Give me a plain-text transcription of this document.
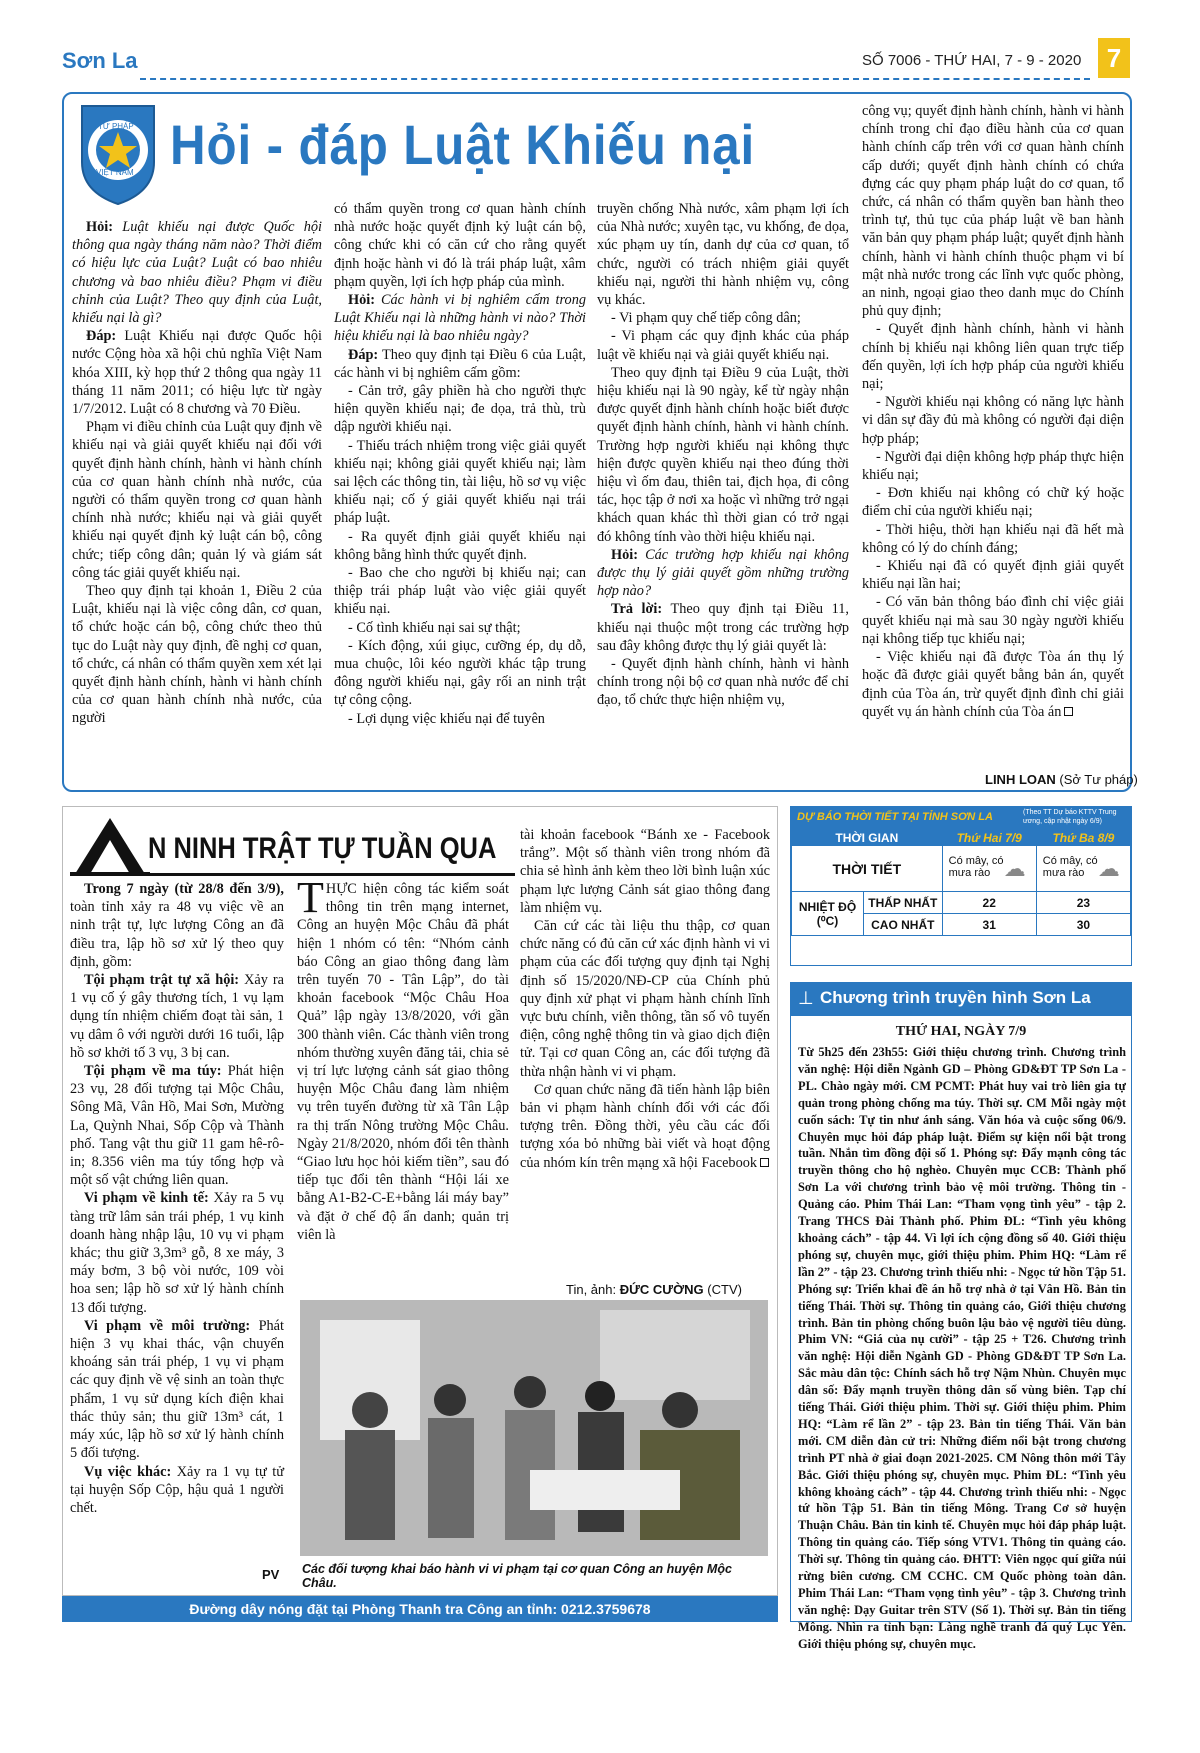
Sơn La	SỐ 7006 - THỨ HAI, 7 - 9 - 2020 7
TƯ PHÁP
VIỆT NAM Hỏi - đáp Luật Khiếu nại

Hỏi: Luật khiếu nại được Quốc hội thông qua ngày tháng năm nào? Thời điểm có hiệu lực của Luật? Luật có bao nhiêu chương và bao nhiêu điều? Phạm vi điều chỉnh của Luật? Theo quy định của Luật, khiếu nại là gì?

Đáp: Luật Khiếu nại được Quốc hội nước Cộng hòa xã hội chủ nghĩa Việt Nam khóa XIII, kỳ họp thứ 2 thông qua ngày 11 tháng 11 năm 2011; có hiệu lực từ ngày 1/7/2012. Luật có 8 chương và 70 Điều.

Phạm vi điều chỉnh của Luật quy định về khiếu nại và giải quyết khiếu nại đối với quyết định hành chính, hành vi hành chính của cơ quan hành chính nhà nước, của người có thẩm quyền trong cơ quan hành chính nhà nước; khiếu nại và giải quyết khiếu nại quyết định kỷ luật cán bộ, công chức; tiếp công dân; quản lý và giám sát công tác giải quyết khiếu nại.

Theo quy định tại khoản 1, Điều 2 của Luật, khiếu nại là việc công dân, cơ quan, tổ chức hoặc cán bộ, công chức theo thủ tục do Luật này quy định, đề nghị cơ quan, tổ chức, cá nhân có thẩm quyền xem xét lại quyết định hành chính, hành vi hành chính của cơ quan hành chính nhà nước, của người

có thẩm quyền trong cơ quan hành chính nhà nước hoặc quyết định kỷ luật cán bộ, công chức khi có căn cứ cho rằng quyết định hoặc hành vi đó là trái pháp luật, xâm phạm quyền, lợi ích hợp pháp của mình.

Hỏi: Các hành vi bị nghiêm cấm trong Luật Khiếu nại là những hành vi nào? Thời hiệu khiếu nại là bao nhiêu ngày?

Đáp: Theo quy định tại Điều 6 của Luật, các hành vi bị nghiêm cấm gồm:

- Cản trở, gây phiền hà cho người thực hiện quyền khiếu nại; đe dọa, trả thù, trù dập người khiếu nại.

- Thiếu trách nhiệm trong việc giải quyết khiếu nại; không giải quyết khiếu nại; làm sai lệch các thông tin, tài liệu, hồ sơ vụ việc khiếu nại; cố ý giải quyết khiếu nại trái pháp luật.

- Ra quyết định giải quyết khiếu nại không bằng hình thức quyết định.

- Bao che cho người bị khiếu nại; can thiệp trái pháp luật vào việc giải quyết khiếu nại.

- Cố tình khiếu nại sai sự thật;

- Kích động, xúi giục, cưỡng ép, dụ dỗ, mua chuộc, lôi kéo người khác tập trung đông người khiếu nại, gây rối an ninh trật tự công cộng.

- Lợi dụng việc khiếu nại để tuyên

truyền chống Nhà nước, xâm phạm lợi ích của Nhà nước; xuyên tạc, vu khống, đe dọa, xúc phạm uy tín, danh dự của cơ quan, tổ chức, người có trách nhiệm giải quyết khiếu nại, người thi hành nhiệm vụ, công vụ khác.

- Vi phạm quy chế tiếp công dân;

- Vi phạm các quy định khác của pháp luật về khiếu nại và giải quyết khiếu nại.

Theo quy định tại Điều 9 của Luật, thời hiệu khiếu nại là 90 ngày, kể từ ngày nhận được quyết định hành chính hoặc biết được quyết định hành chính, hành vi hành chính. Trường hợp người khiếu nại không thực hiện được quyền khiếu nại theo đúng thời hiệu vì ốm đau, thiên tai, địch họa, đi công tác, học tập ở nơi xa hoặc vì những trở ngại khách quan khác thì thời gian có trở ngại đó không tính vào thời hiệu khiếu nại.

Hỏi: Các trường hợp khiếu nại không được thụ lý giải quyết gồm những trường hợp nào?

Trả lời: Theo quy định tại Điều 11, khiếu nại thuộc một trong các trường hợp sau đây không được thụ lý giải quyết là:

- Quyết định hành chính, hành vi hành chính trong nội bộ cơ quan nhà nước để chỉ đạo, tổ chức thực hiện nhiệm vụ,

công vụ; quyết định hành chính, hành vi hành chính trong chỉ đạo điều hành của cơ quan hành chính cấp trên với cơ quan hành chính cấp dưới; quyết định hành chính có chứa đựng các quy phạm pháp luật do cơ quan, tổ chức, cá nhân có thẩm quyền ban hành theo trình tự, thủ tục của pháp luật về ban hành văn bản quy phạm pháp luật; quyết định hành chính, hành vi hành chính thuộc phạm vi bí mật nhà nước trong các lĩnh vực quốc phòng, an ninh, ngoại giao theo danh mục do Chính phủ quy định;

- Quyết định hành chính, hành vi hành chính bị khiếu nại không liên quan trực tiếp đến quyền, lợi ích hợp pháp của người khiếu nại;

- Người khiếu nại không có năng lực hành vi dân sự đầy đủ mà không có người đại diện hợp pháp;

- Người đại diện không hợp pháp thực hiện khiếu nại;

- Đơn khiếu nại không có chữ ký hoặc điểm chỉ của người khiếu nại;

- Thời hiệu, thời hạn khiếu nại đã hết mà không có lý do chính đáng;

- Khiếu nại đã có quyết định giải quyết khiếu nại lần hai;

- Có văn bản thông báo đình chỉ việc giải quyết khiếu nại mà sau 30 ngày người khiếu nại không tiếp tục khiếu nại;

- Việc khiếu nại đã được Tòa án thụ lý hoặc đã được giải quyết bằng bản án, quyết định của Tòa án, trừ quyết định đình chỉ giải quyết vụ án hành chính của Tòa án

LINH LOAN (Sở Tư pháp)
N NINH TRẬT TỰ TUẦN QUA

Trong 7 ngày (từ 28/8 đến 3/9), toàn tỉnh xảy ra 48 vụ việc về an ninh trật tự, lực lượng Công an đã điều tra, lập hồ sơ xử lý theo quy định, gồm:

Tội phạm trật tự xã hội: Xảy ra 1 vụ cố ý gây thương tích, 1 vụ lạm dụng tín nhiệm chiếm đoạt tài sản, 1 vụ dâm ô với người dưới 16 tuổi, lập hồ sơ khởi tố 3 vụ, 3 bị can.

Tội phạm về ma túy: Phát hiện 23 vụ, 28 đối tượng tại Mộc Châu, Sông Mã, Vân Hồ, Mai Sơn, Mường La, Quỳnh Nhai, Sốp Cộp và Thành phố. Tang vật thu giữ 11 gam hê-rô-in; 8.356 viên ma túy tổng hợp và một số vật chứng liên quan.

Vi phạm về kinh tế: Xảy ra 5 vụ tàng trữ lâm sản trái phép, 1 vụ kinh doanh hàng nhập lậu, 10 vụ vi phạm khác; thu giữ 3,3m³ gỗ, 8 xe máy, 3 máy bơm, 3 bộ vòi nước, 109 vòi hoa sen; lập hồ sơ xử lý hành chính 13 đối tượng.

Vi phạm về môi trường: Phát hiện 3 vụ khai thác, vận chuyển khoáng sản trái phép, 1 vụ vi phạm các quy định về vệ sinh an toàn thực phẩm, 1 vụ sử dụng kích điện khai thác thủy sản; thu giữ 13m³ cát, 1 máy xúc, lập hồ sơ xử lý hành chính 5 đối tượng.

Vụ việc khác: Xảy ra 1 vụ tự tử tại huyện Sốp Cộp, hậu quả 1 người chết.

PV

THỰC hiện công tác kiểm soát thông tin trên mạng internet, Công an huyện Mộc Châu đã phát hiện 1 nhóm có tên: “Nhóm cảnh báo Công an giao thông đang làm trên tuyến 70 - Tân Lập”, do tài khoản facebook “Mộc Châu Hoa Quả” lập ngày 13/8/2020, với gần 300 thành viên. Các thành viên trong nhóm thường xuyên đăng tải, chia sẻ vị trí lực lượng cảnh sát giao thông huyện Mộc Châu đang làm nhiệm vụ trên tuyến đường từ xã Tân Lập ra thị trấn Nông trường Mộc Châu. Ngày 21/8/2020, nhóm đổi tên thành “Giao lưu học hỏi kiếm tiền”, sau đó tiếp tục đổi tên thành “Hội lái xe bằng A1-B2-C-E+bằng lái máy bay” và đặt ở chế độ ẩn danh; quản trị viên là

tài khoản facebook “Bánh xe - Facebook trắng”. Một số thành viên trong nhóm đã chia sẻ hình ảnh kèm theo lời bình luận xúc phạm lực lượng Cảnh sát giao thông đang làm nhiệm vụ.

Căn cứ các tài liệu thu thập, cơ quan chức năng có đủ căn cứ xác định hành vi vi phạm của các đối tượng quy định tại Nghị định số 15/2020/NĐ-CP của Chính phủ quy định xử phạt vi phạm hành chính lĩnh vực bưu chính, viễn thông, tần số vô tuyến điện, công nghệ thông tin và giao dịch điện tử. Tại cơ quan Công an, các đối tượng đã thừa nhận hành vi vi phạm.

Cơ quan chức năng đã tiến hành lập biên bản vi phạm hành chính đối với các đối tượng trên. Đồng thời, yêu cầu các đối tượng xóa bỏ những bài viết và hoạt động của nhóm kín trên mạng xã hội Facebook

Tin, ảnh: ĐỨC CƯỜNG (CTV)
Các đối tượng khai báo hành vi vi phạm tại cơ quan Công an huyện Mộc Châu.
Đường dây nóng đặt tại Phòng Thanh tra Công an tỉnh: 0212.3759678
DỰ BÁO THỜI TIẾT TẠI TỈNH SƠN LA	(Theo TT Dự báo KTTV Trung ương, cập nhật ngày 6/9)
THỜI GIAN		Thứ Hai 7/9	Thứ Ba 8/9
THỜI TIẾT		Có mây, có mưa rào ☁	Có mây, có mưa rào ☁
NHIỆT ĐỘ (⁰C)	THẤP NHẤT	22	23
	CAO NHẤT	31	30
⊥ Chương trình truyền hình Sơn La
THỨ HAI, NGÀY 7/9
Từ 5h25 đến 23h55: Giới thiệu chương trình. Chương trình văn nghệ: Hội diễn Ngành GD – Phòng GD&ĐT TP Sơn La - PL. Chào ngày mới. CM PCMT: Phát huy vai trò liên gia tự quản trong phòng chống ma túy. Thời sự. CM Mỗi ngày một cuốn sách: Tự tin như ánh sáng. Văn hóa và cuộc sống 06/9. Chuyên mục hỏi đáp pháp luật. Điểm sự kiện nổi bật trong tuần. Nhắn tìm đồng đội số 1. Phóng sự: Đẩy mạnh công tác truyền thông cho hộ nghèo. Chuyên mục CCB: Thành phố Sơn La với chương trình bảo vệ môi trường. Thông tin - Quảng cáo. Phim Thái Lan: “Tham vọng tình yêu” - tập 2. Trang THCS Đài Thành phố. Phim ĐL: “Tình yêu không khoảng cách” - tập 44. Vì lợi ích cộng đồng số 40. Giới thiệu phóng sự, chuyên mục, giới thiệu phim. Phim HQ: “Làm rể lần 2” - tập 23. Chương trình thiếu nhi: - Ngọc tứ hồn Tập 51. Phóng sự: Triển khai đề án hỗ trợ nhà ở tại Vân Hồ. Bản tin tiếng Thái. Thời sự. Thông tin quảng cáo, Giới thiệu chương trình. Bản tin phòng chống buôn lậu bảo vệ người tiêu dùng. Phim VN: “Giá của nụ cười” - tập 25 + T26. Chương trình văn nghệ: Hội diễn Ngành GD - Phòng GD&ĐT TP Sơn La. Sắc màu dân tộc: Chính sách hỗ trợ Nậm Nhùn. Chuyên mục dân số: Đẩy mạnh truyền thông dân số vùng biên. Tạp chí tiếng Thái. Giới thiệu phim. Thời sự. Giới thiệu phim. Phim HQ: “Làm rể lần 2” - tập 23. Bản tin tiếng Thái. Văn bản mới. CM diễn đàn cử tri: Những điểm nổi bật trong chương trình PT nhà ở giai đoạn 2021-2025. CM Nông thôn mới Tây Bắc. Giới thiệu phóng sự, chuyên mục. Phim ĐL: “Tình yêu không khoảng cách” - tập 44. Chương trình thiếu nhi: - Ngọc tứ hồn Tập 51. Bản tin tiếng Mông. Trang Cơ sở huyện Thuận Châu. Bản tin kinh tế. Chuyên mục hỏi đáp pháp luật. Thông tin quảng cáo. Tiếp sóng VTV1. Thông tin quảng cáo. Thời sự. Thông tin quảng cáo. ĐHTT: Viên ngọc quí giữa núi rừng biên cương. CM CCHC. CM Quốc phòng toàn dân. Phim Thái Lan: “Tham vọng tình yêu” - tập 3. Chương trình văn nghệ: Dạy Guitar trên STV (Số 1). Thời sự. Bản tin tiếng Mông. Nhìn ra tỉnh bạn: Làng nghề tranh đá quý Lục Yên. Giới thiệu phóng sự, chuyên mục.
